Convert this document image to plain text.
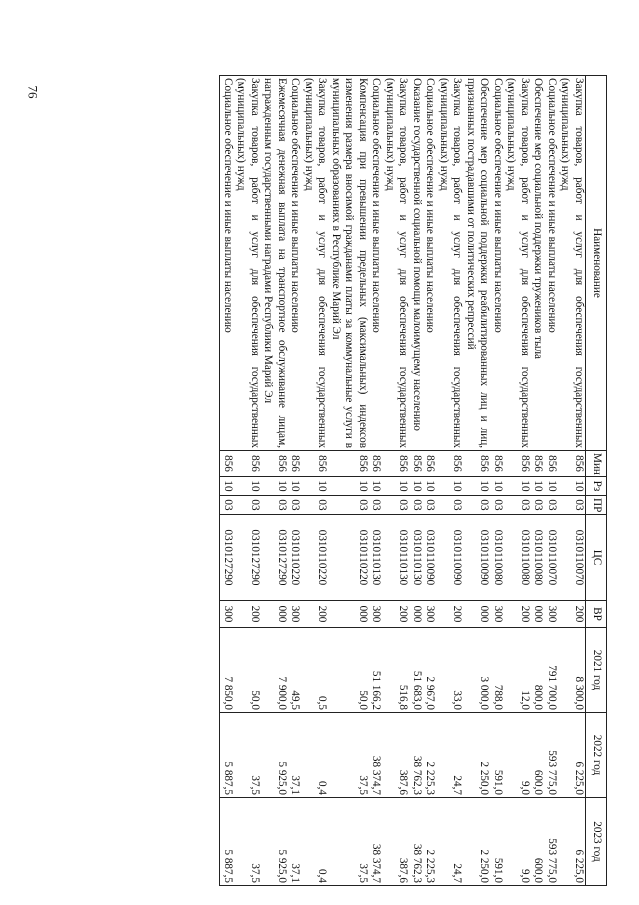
76
Наименование	Мин	Рз	ПР	ЦС	ВР	2021 год	2022 год	2023 год
Закупка товаров, работ и услуг для обеспечения государственных (муниципальных) нужд	856	10	03	0310110070	200	8 300,0	6 225,0	6 225,0
Социальное обеспечение и иные выплаты населению	856	10	03	0310110070	300	791 700,0	593 775,0	593 775,0
Обеспечение мер социальной поддержки тружеников тыла	856	10	03	0310110080	000	800,0	600,0	600,0
Закупка товаров, работ и услуг для обеспечения государственных (муниципальных) нужд	856	10	03	0310110080	200	12,0	9,0	9,0
Социальное обеспечение и иные выплаты населению	856	10	03	0310110080	300	788,0	591,0	591,0
Обеспечение мер социальной поддержки реабилитированных лиц и лиц, признанных пострадавшими от политических репрессий	856	10	03	0310110090	000	3 000,0	2 250,0	2 250,0
Закупка товаров, работ и услуг для обеспечения государственных (муниципальных) нужд	856	10	03	0310110090	200	33,0	24,7	24,7
Социальное обеспечение и иные выплаты населению	856	10	03	0310110090	300	2 967,0	2 225,3	2 225,3
Оказание государственной социальной помощи малоимущему населению	856	10	03	0310110130	000	51 683,0	38 762,3	38 762,3
Закупка товаров, работ и услуг для обеспечения государственных (муниципальных) нужд	856	10	03	0310110130	200	516,8	387,6	387,6
Социальное обеспечение и иные выплаты населению	856	10	03	0310110130	300	51 166,2	38 374,7	38 374,7
Компенсация при превышении предельных (максимальных) индексов изменения размера вносимой гражданами платы за коммунальные услуги в муниципальных образованиях в Республике Марий Эл	856	10	03	0310110220	000	50,0	37,5	37,5
Закупка товаров, работ и услуг для обеспечения государственных (муниципальных) нужд	856	10	03	0310110220	200	0,5	0,4	0,4
Социальное обеспечение и иные выплаты населению	856	10	03	0310110220	300	49,5	37,1	37,1
Ежемесячная денежная выплата на транспортное обслуживание лицам, награжденным государственными наградами Республики Марий Эл	856	10	03	0310127290	000	7 900,0	5 925,0	5 925,0
Закупка товаров, работ и услуг для обеспечения государственных (муниципальных) нужд	856	10	03	0310127290	200	50,0	37,5	37,5
Социальное обеспечение и иные выплаты населению	856	10	03	0310127290	300	7 850,0	5 887,5	5 887,5
